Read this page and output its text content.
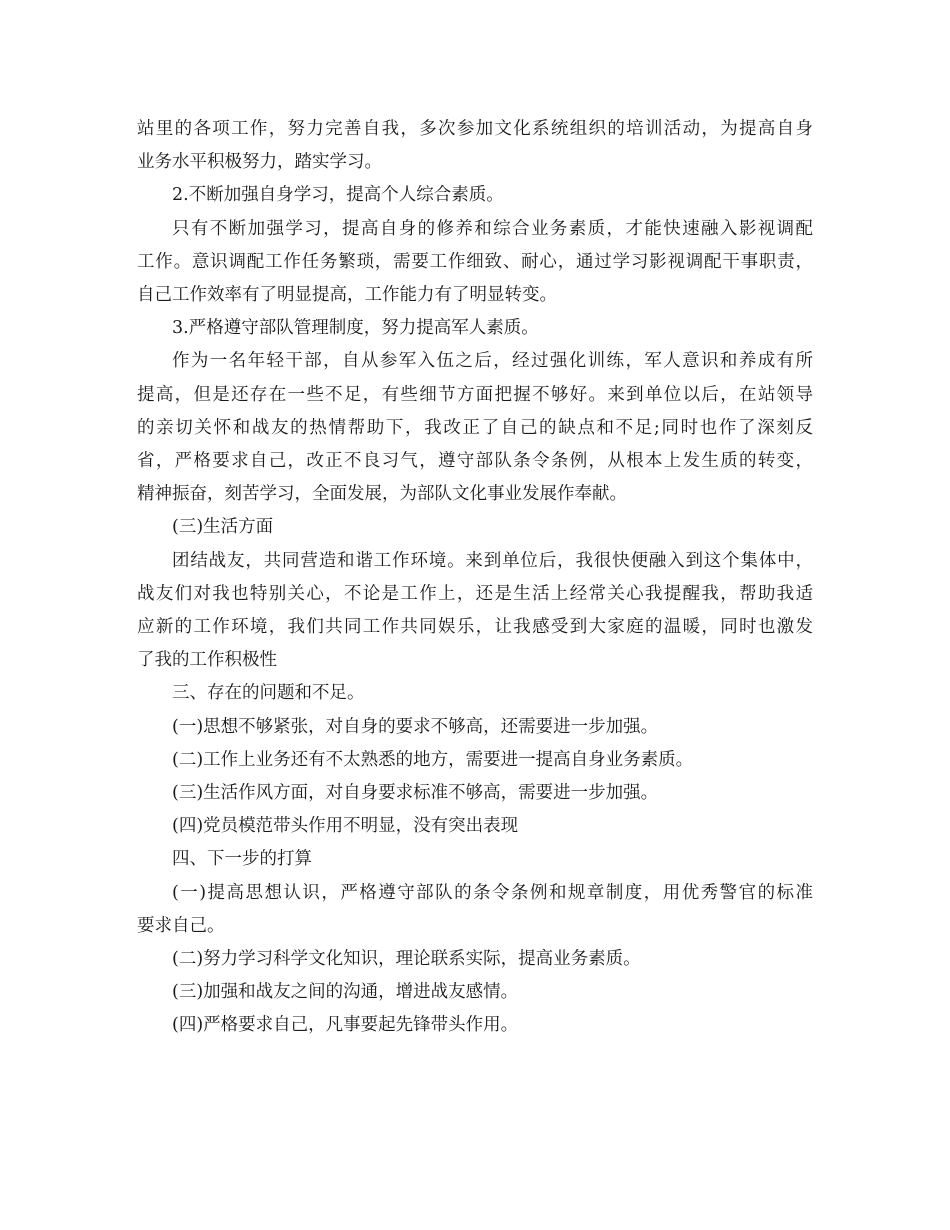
站里的各项工作，努力完善自我，多次参加文化系统组织的培训活动，为提高自身
业务水平积极努力，踏实学习。
2.不断加强自身学习，提高个人综合素质。
只有不断加强学习，提高自身的修养和综合业务素质，才能快速融入影视调配
工作。意识调配工作任务繁琐，需要工作细致、耐心，通过学习影视调配干事职责，
自己工作效率有了明显提高，工作能力有了明显转变。
3.严格遵守部队管理制度，努力提高军人素质。
作为一名年轻干部，自从参军入伍之后，经过强化训练，军人意识和养成有所
提高，但是还存在一些不足，有些细节方面把握不够好。来到单位以后，在站领导
的亲切关怀和战友的热情帮助下，我改正了自己的缺点和不足;同时也作了深刻反
省，严格要求自己，改正不良习气，遵守部队条令条例，从根本上发生质的转变，
精神振奋，刻苦学习，全面发展，为部队文化事业发展作奉献。
(三)生活方面
团结战友，共同营造和谐工作环境。来到单位后，我很快便融入到这个集体中，
战友们对我也特别关心，不论是工作上，还是生活上经常关心我提醒我，帮助我适
应新的工作环境，我们共同工作共同娱乐，让我感受到大家庭的温暖，同时也激发
了我的工作积极性
三、存在的问题和不足。
(一)思想不够紧张，对自身的要求不够高，还需要进一步加强。
(二)工作上业务还有不太熟悉的地方，需要进一提高自身业务素质。
(三)生活作风方面，对自身要求标准不够高，需要进一步加强。
(四)党员模范带头作用不明显，没有突出表现
四、下一步的打算
(一)提高思想认识，严格遵守部队的条令条例和规章制度，用优秀警官的标准
要求自己。
(二)努力学习科学文化知识，理论联系实际，提高业务素质。
(三)加强和战友之间的沟通，增进战友感情。
(四)严格要求自己，凡事要起先锋带头作用。
